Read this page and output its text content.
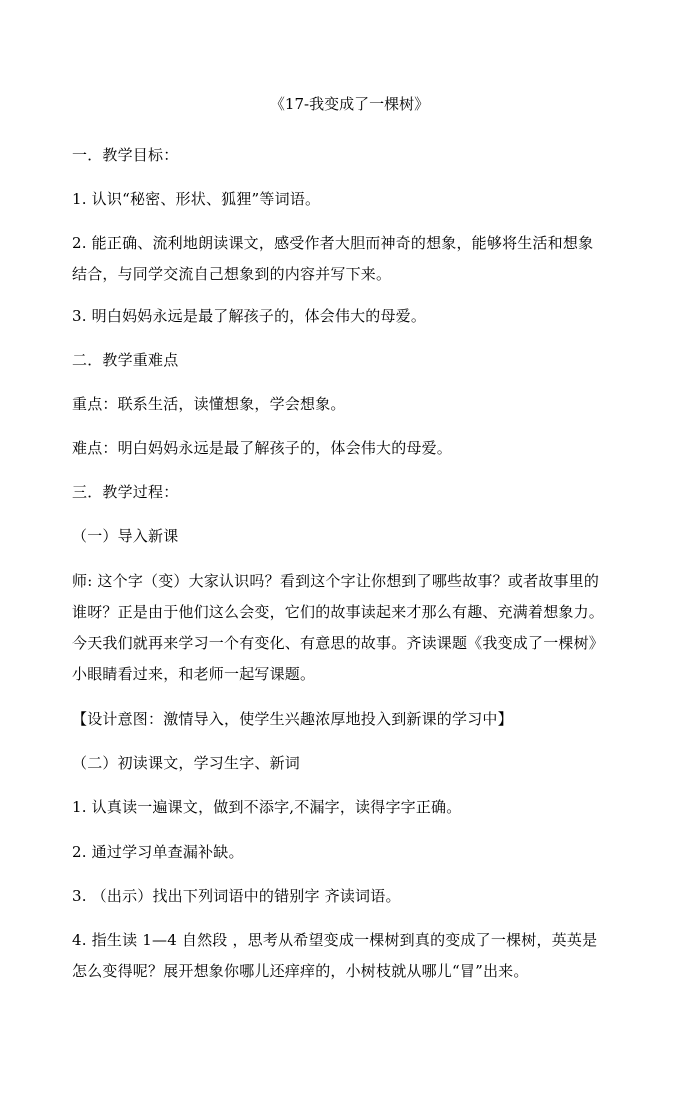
《17-我变成了一棵树》
一．教学目标：
1. 认识“秘密、形状、狐狸”等词语。
2. 能正确、流利地朗读课文，感受作者大胆而神奇的想象，能够将生活和想象
结合，与同学交流自己想象到的内容并写下来。
3. 明白妈妈永远是最了解孩子的，体会伟大的母爱。
二．教学重难点
重点：联系生活，读懂想象，学会想象。
难点：明白妈妈永远是最了解孩子的，体会伟大的母爱。
三．教学过程：
（一）导入新课
师: 这个字（变）大家认识吗？看到这个字让你想到了哪些故事？或者故事里的
谁呀？正是由于他们这么会变，它们的故事读起来才那么有趣、充满着想象力。
今天我们就再来学习一个有变化、有意思的故事。齐读课题《我变成了一棵树》
小眼睛看过来，和老师一起写课题。
【设计意图：激情导入，使学生兴趣浓厚地投入到新课的学习中】
（二）初读课文，学习生字、新词
1. 认真读一遍课文，做到不添字,不漏字，读得字字正确。
2. 通过学习单查漏补缺。
3. （出示）找出下列词语中的错别字 齐读词语。
4. 指生读 1—4 自然段 ，思考从希望变成一棵树到真的变成了一棵树，英英是
怎么变得呢？展开想象你哪儿还痒痒的，小树枝就从哪儿“冒”出来。
